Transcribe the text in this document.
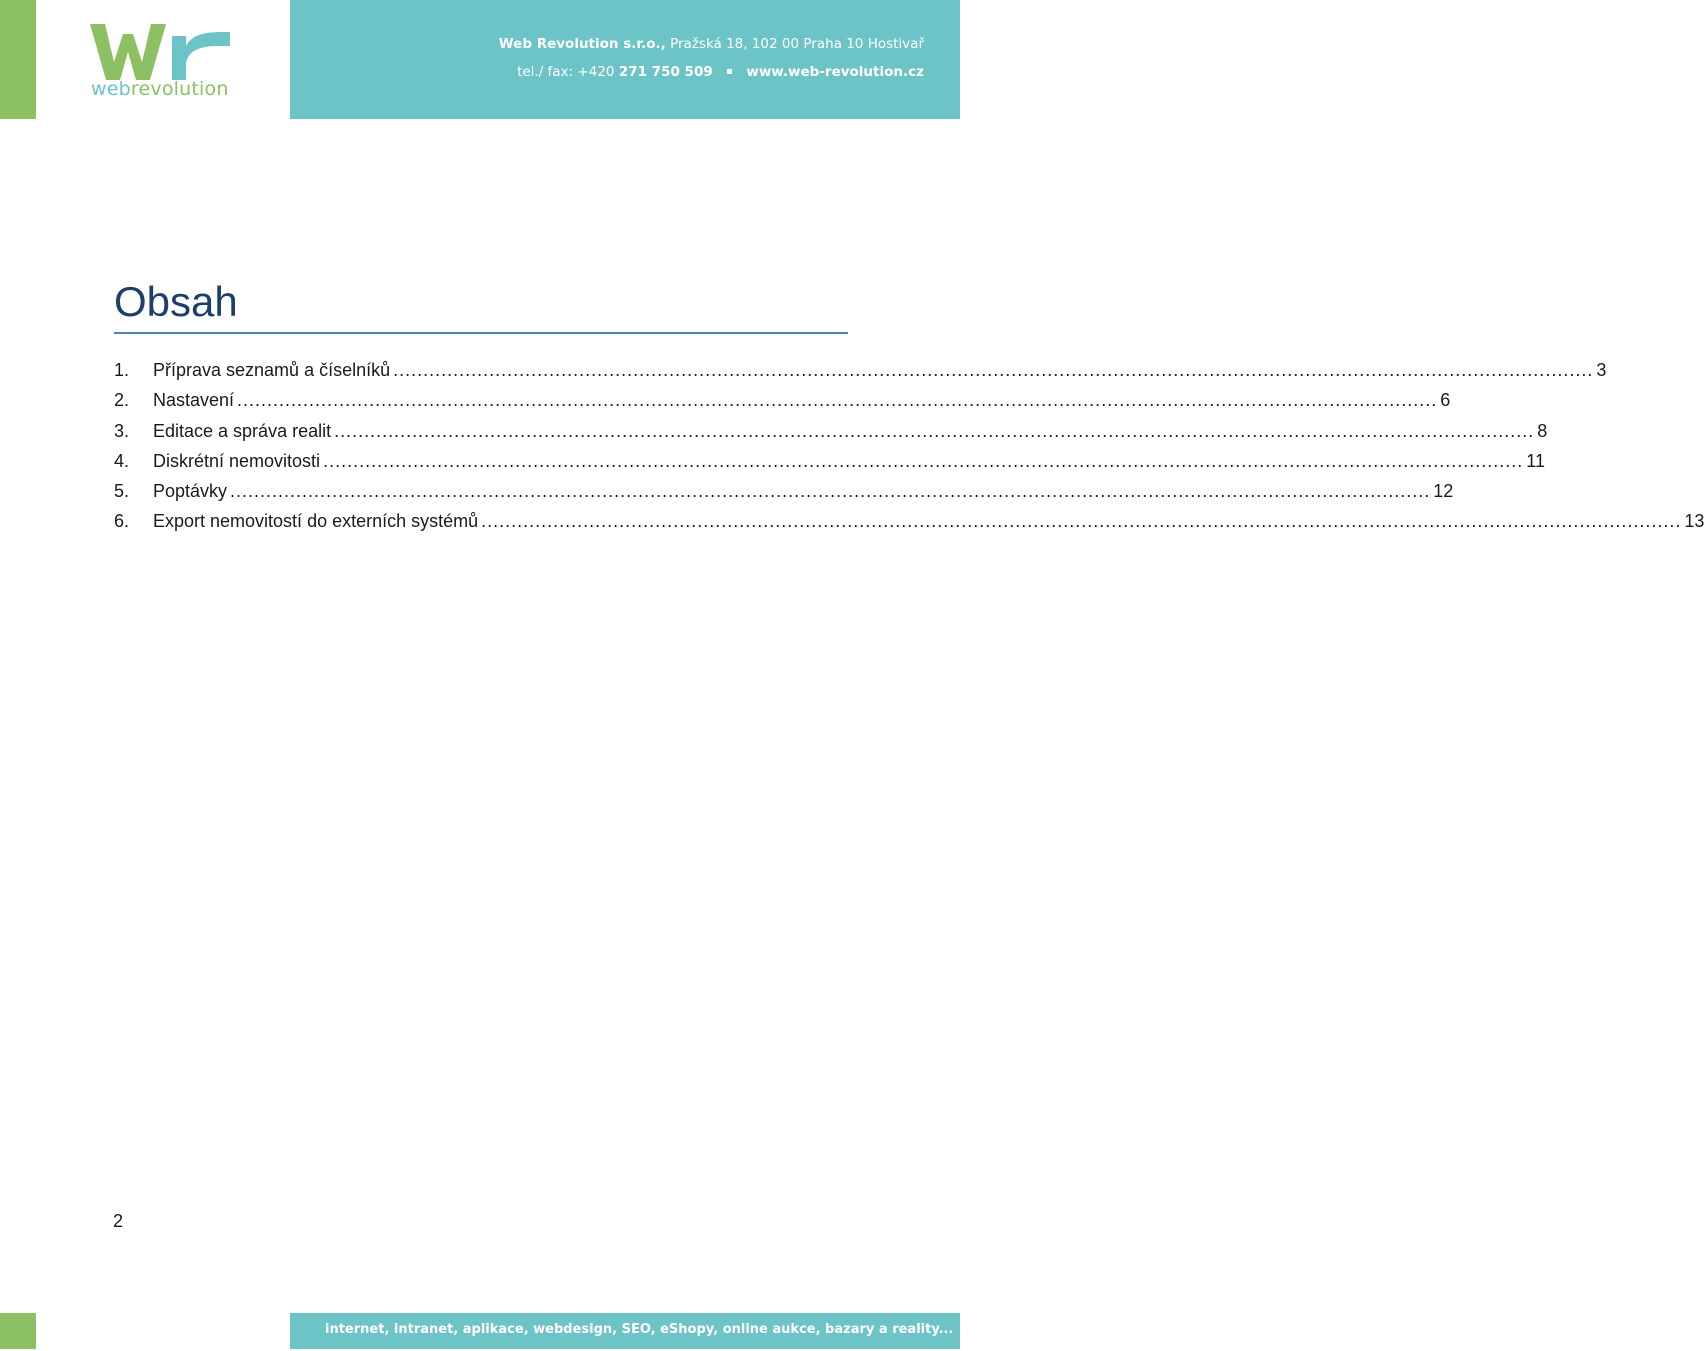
webrevolution
Web Revolution s.r.o., Pražská 18, 102 00 Praha 10 Hostivař
tel./ fax: +420 271 750 509 www.web-revolution.cz
Obsah
1.	Příprava seznamů a číselníků ........................................................................................................................................................................................................ 3
2.	Nastavení ........................................................................................................................................................................................................ 6
3.	Editace a správa realit ........................................................................................................................................................................................................ 8
4.	Diskrétní nemovitosti ........................................................................................................................................................................................................ 11
5.	Poptávky ........................................................................................................................................................................................................ 12
6.	Export nemovitostí do externích systémů ........................................................................................................................................................................................................ 13
2
internet, intranet, aplikace, webdesign, SEO, eShopy, online aukce, bazary a reality...
